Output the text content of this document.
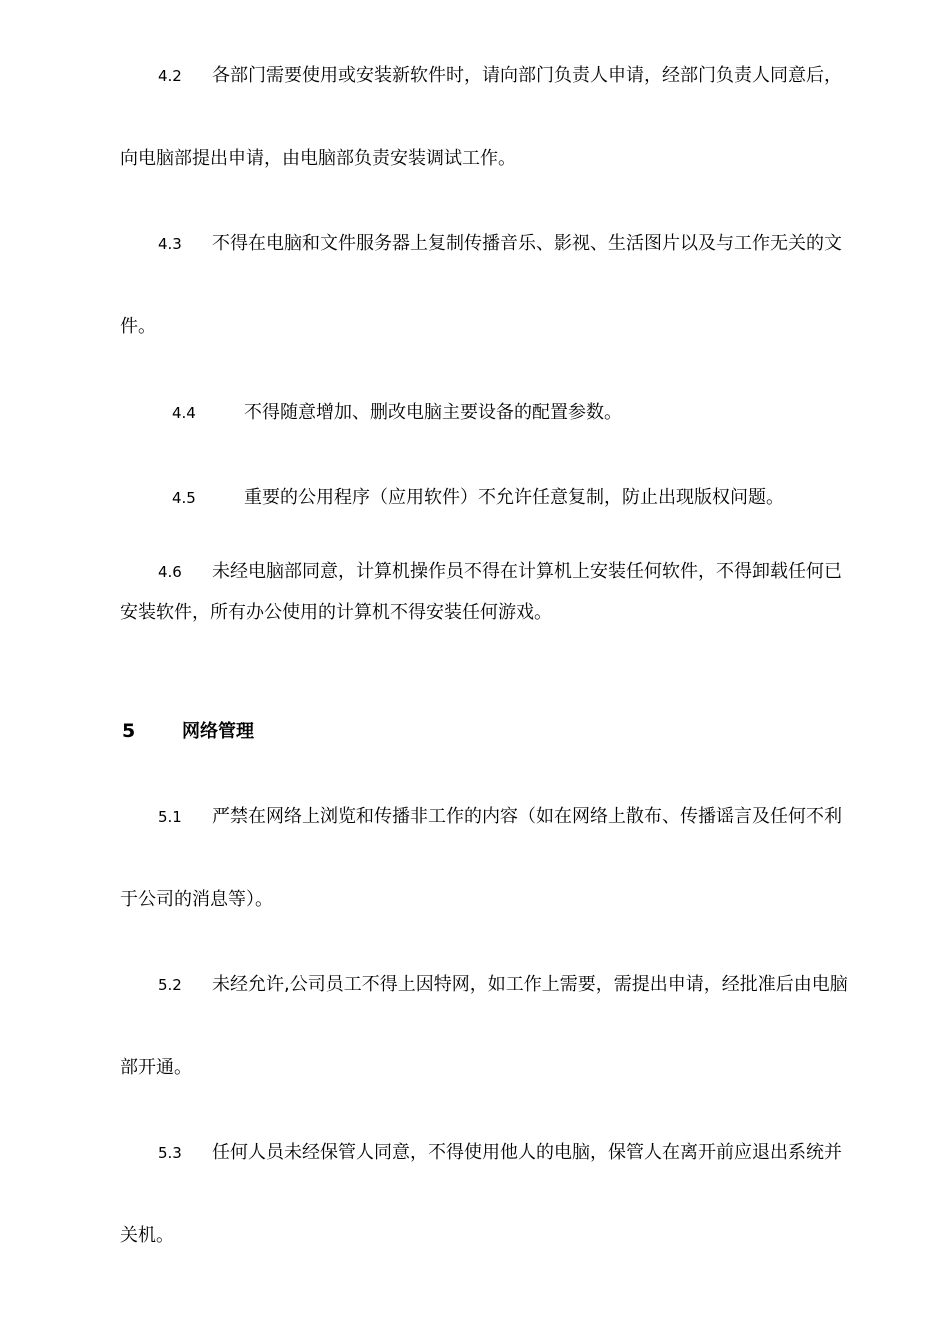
4.2 各部门需要使用或安装新软件时，请向部门负责人申请，经部门负责人同意后，
向电脑部提出申请，由电脑部负责安装调试工作。
4.3 不得在电脑和文件服务器上复制传播音乐、影视、生活图片以及与工作无关的文
件。
4.4	不得随意增加、删改电脑主要设备的配置参数。
4.5	重要的公用程序（应用软件）不允许任意复制，防止出现版权问题。
4.6 未经电脑部同意，计算机操作员不得在计算机上安装任何软件，不得卸载任何已
安装软件，所有办公使用的计算机不得安装任何游戏。
5	网络管理
5.1 严禁在网络上浏览和传播非工作的内容（如在网络上散布、传播谣言及任何不利
于公司的消息等）。
5.2 未经允许,公司员工不得上因特网，如工作上需要，需提出申请，经批准后由电脑
部开通。
5.3 任何人员未经保管人同意，不得使用他人的电脑，保管人在离开前应退出系统并
关机。
